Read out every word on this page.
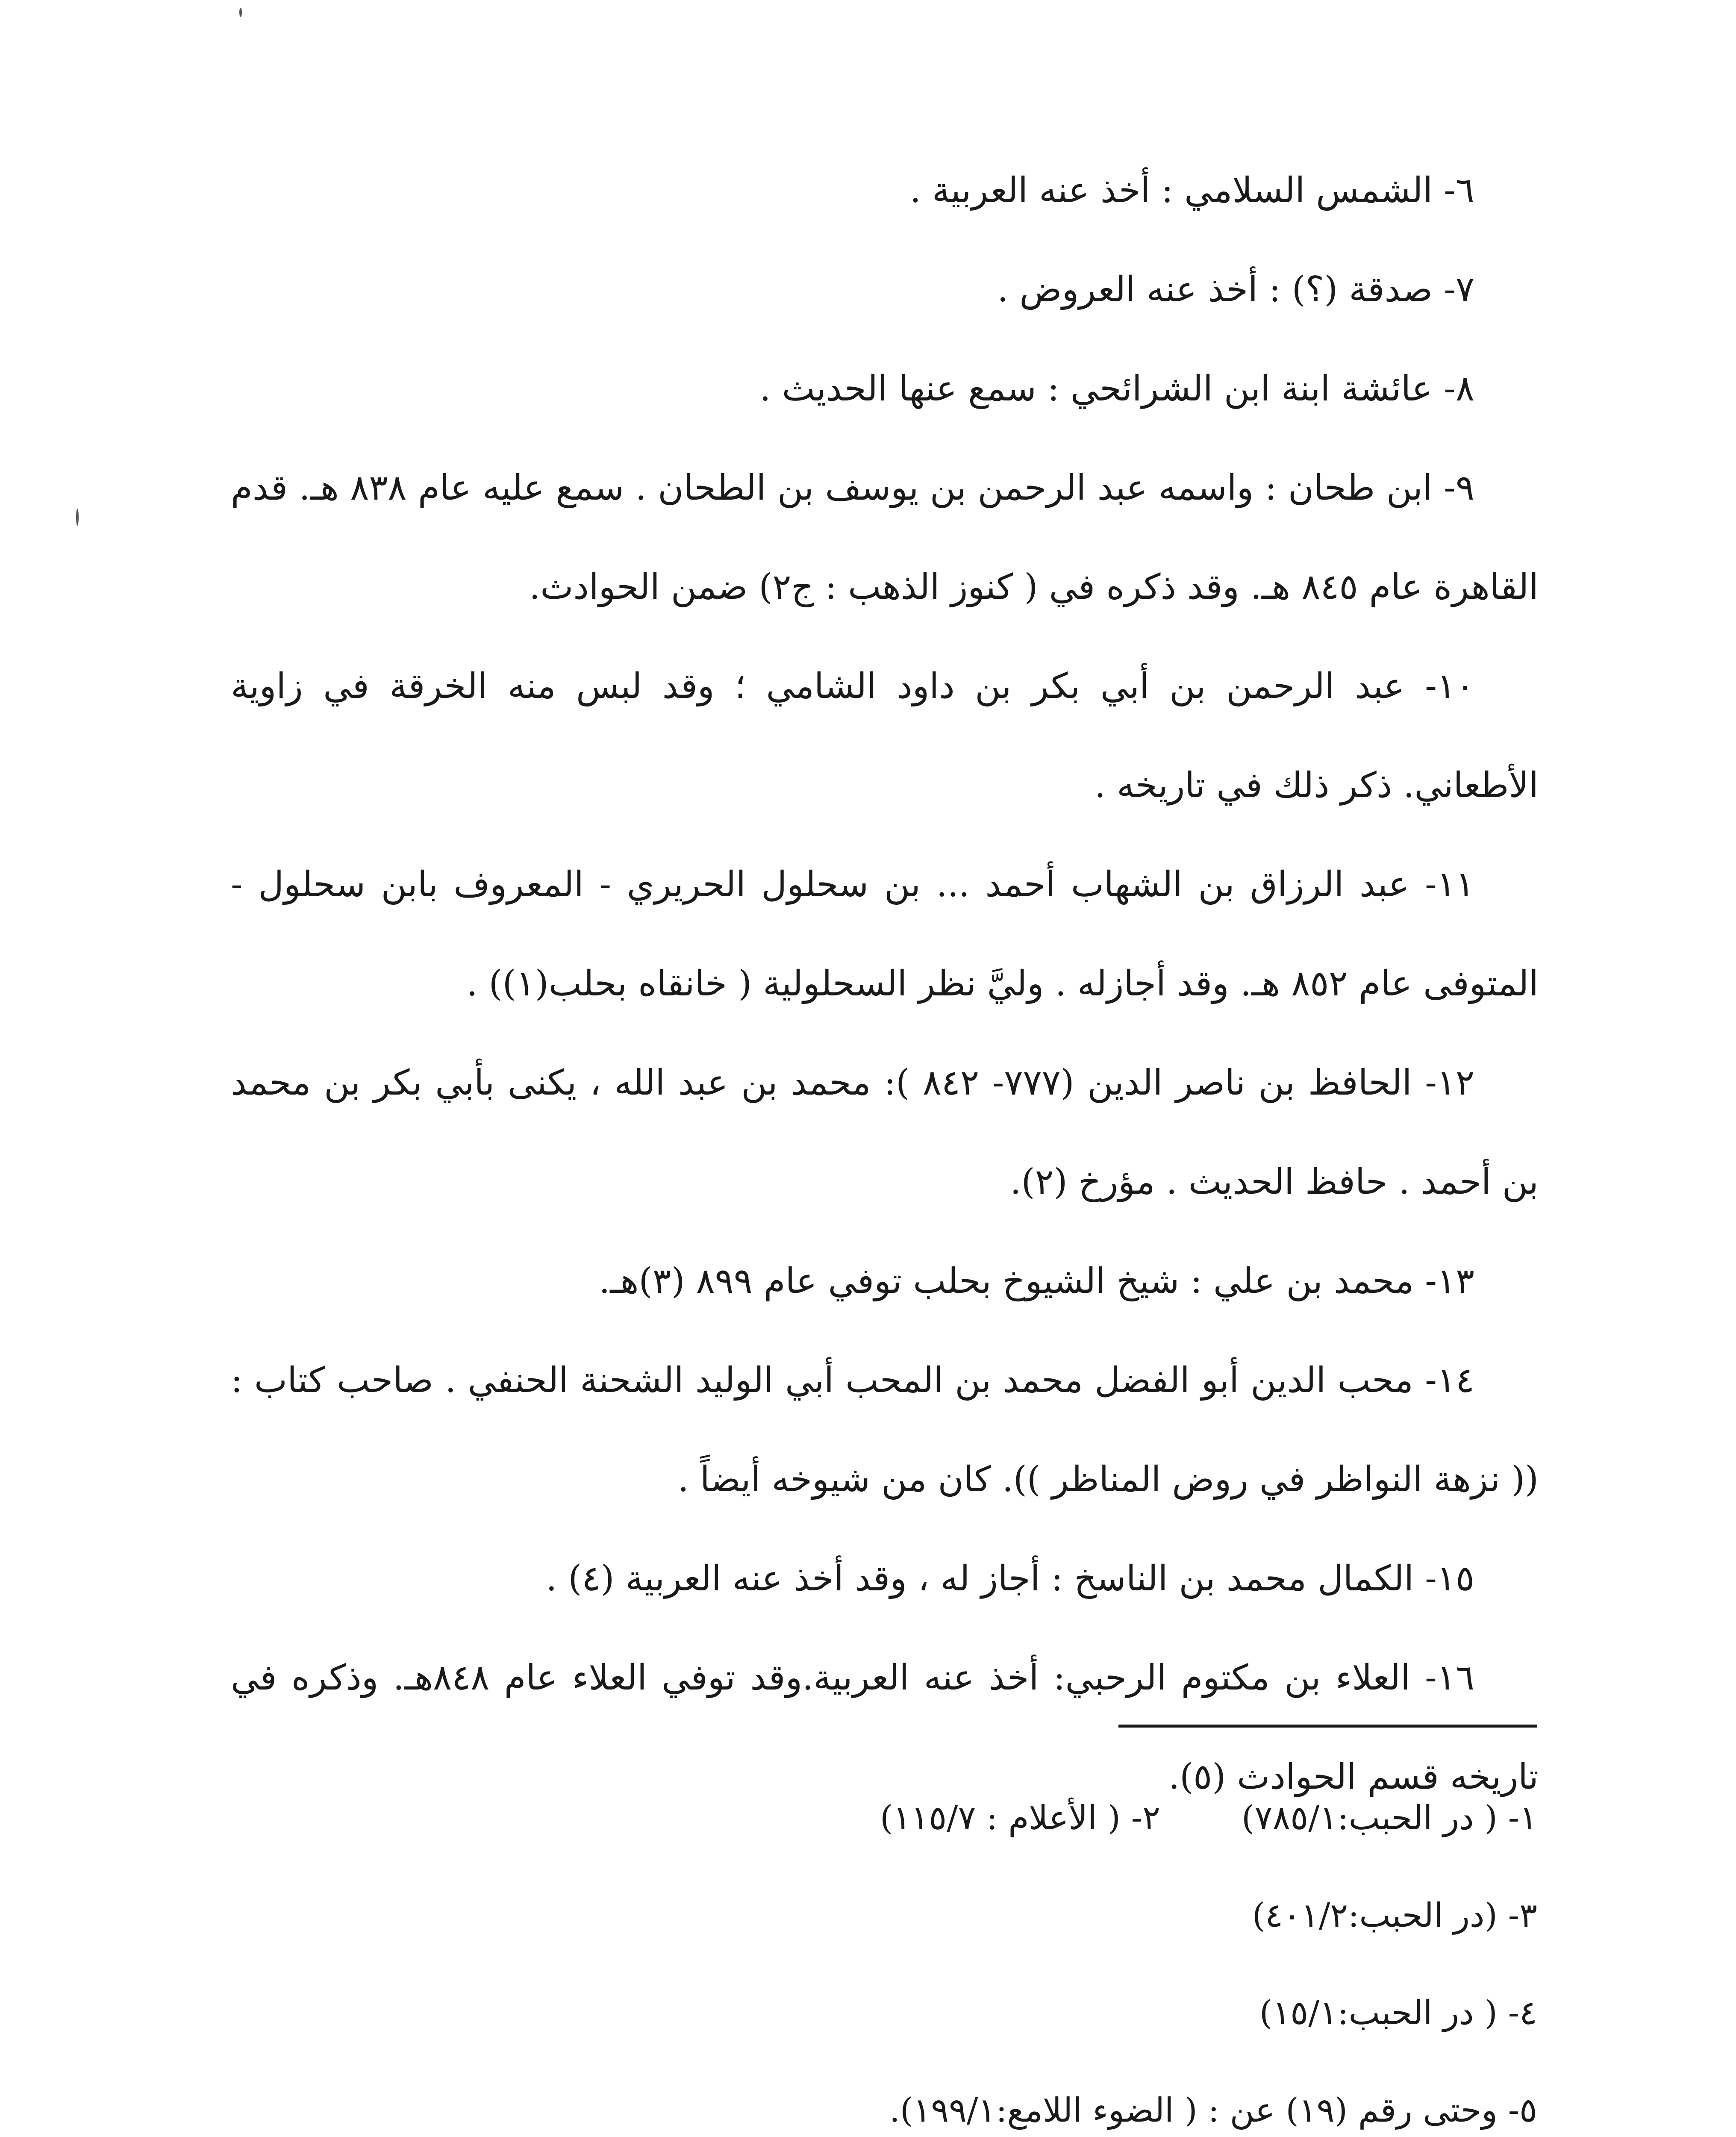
٦- الشمس السلامي : أخذ عنه العربية .

٧- صدقة (؟) : أخذ عنه العروض .

٨- عائشة ابنة ابن الشرائحي : سمع عنها الحديث .

٩- ابن طحان : واسمه عبد الرحمن بن يوسف بن الطحان . سمع عليه عام ٨٣٨ هـ. قدم القاهرة عام ٨٤٥ هـ. وقد ذكره في ( كنوز الذهب : ج٢) ضمن الحوادث.

١٠- عبد الرحمن بن أبي بكر بن داود الشامي ؛ وقد لبس منه الخرقة في زاوية الأطعاني. ذكر ذلك في تاريخه .

١١- عبد الرزاق بن الشهاب أحمد ... بن سحلول الحريري - المعروف بابن سحلول - المتوفى عام ٨٥٢ هـ. وقد أجازله . وليَّ نظر السحلولية ( خانقاه بحلب(١)) .

١٢- الحافظ بن ناصر الدين (٧٧٧- ٨٤٢ ): محمد بن عبد الله ، يكنى بأبي بكر بن محمد بن أحمد . حافظ الحديث . مؤرخ (٢).

١٣- محمد بن علي : شيخ الشيوخ بحلب توفي عام ٨٩٩ (٣)هـ.

١٤- محب الدين أبو الفضل محمد بن المحب أبي الوليد الشحنة الحنفي . صاحب كتاب :(( نزهة النواظر في روض المناظر )). كان من شيوخه أيضاً .

١٥- الكمال محمد بن الناسخ : أجاز له ، وقد أخذ عنه العربية (٤) .

١٦- العلاء بن مكتوم الرحبي: أخذ عنه العربية.وقد توفي العلاء عام ٨٤٨هـ. وذكره في تاريخه قسم الحوادث (٥).

١- ( در الحبب:٧٨٥/١)٢- ( الأعلام : ١١٥/٧)

٣- (در الحبب:٤٠١/٢)

٤- ( در الحبب:١٥/١)

٥- وحتى رقم (١٩) عن : ( الضوء اللامع:١٩٩/١).
